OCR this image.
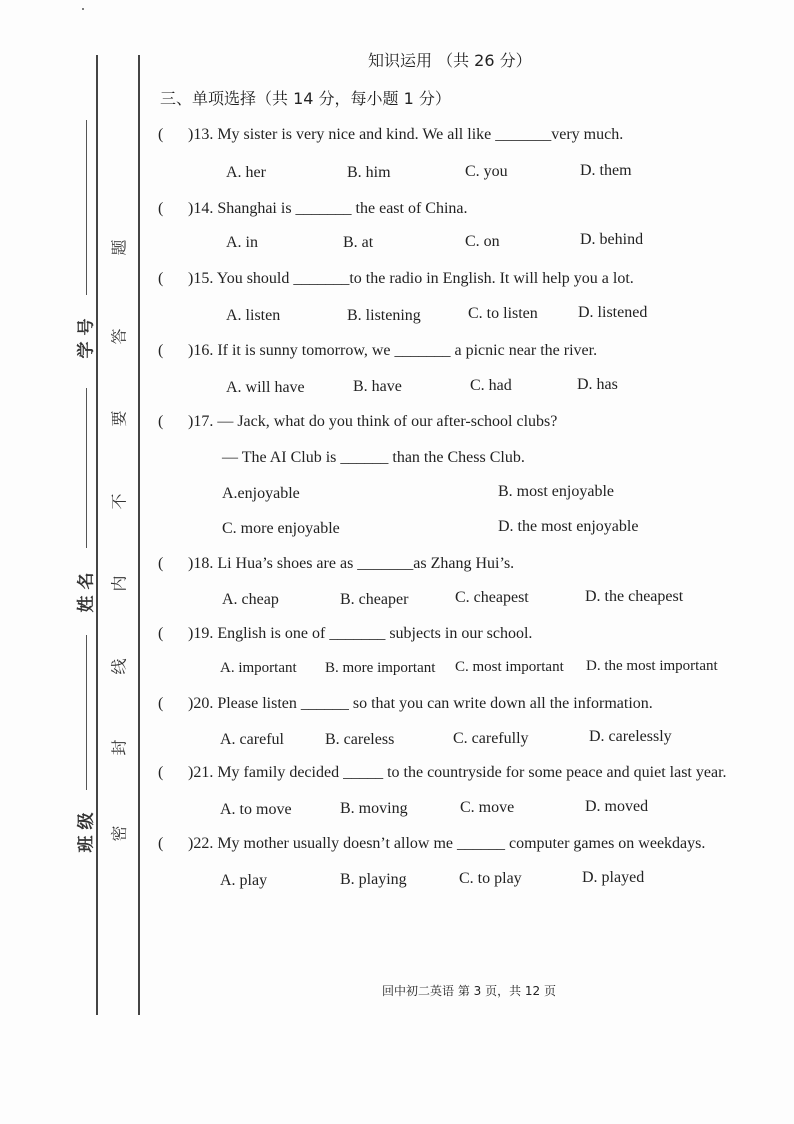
学 号
姓 名
班 级 密
封
线
内
不
要
答
题
知识运用 （共 26 分）
三、单项选择（共 14 分，每小题 1 分）
( )13. My sister is very nice and kind. We all like _______very much.
A. her	B. him	C. you	D. them
( )14. Shanghai is _______ the east of China.
A. in	B. at	C. on	D. behind
( )15. You should _______to the radio in English. It will help you a lot.
A. listen	B. listening	C. to listen	D. listened
( )16. If it is sunny tomorrow, we _______ a picnic near the river.
A. will have	B. have	C. had	D. has
( )17. — Jack, what do you think of our after-school clubs?
— The AI Club is ______ than the Chess Club.
A.enjoyable	B. most enjoyable
C. more enjoyable	D. the most enjoyable
( )18. Li Hua’s shoes are as _______as Zhang Hui’s.
A. cheap	B. cheaper	C. cheapest	D. the cheapest
( )19. English is one of _______ subjects in our school.
A. important B. more important C. most important D. the most important
( )20. Please listen ______ so that you can write down all the information.
A. careful	B. careless	C. carefully	D. carelessly
( )21. My family decided _____ to the countryside for some peace and quiet last year.
A. to move	B. moving	C. move	D. moved
( )22. My mother usually doesn’t allow me ______ computer games on weekdays.
A. play	B. playing	C. to play	D. played
回中初二英语 第 3 页，共 12 页
